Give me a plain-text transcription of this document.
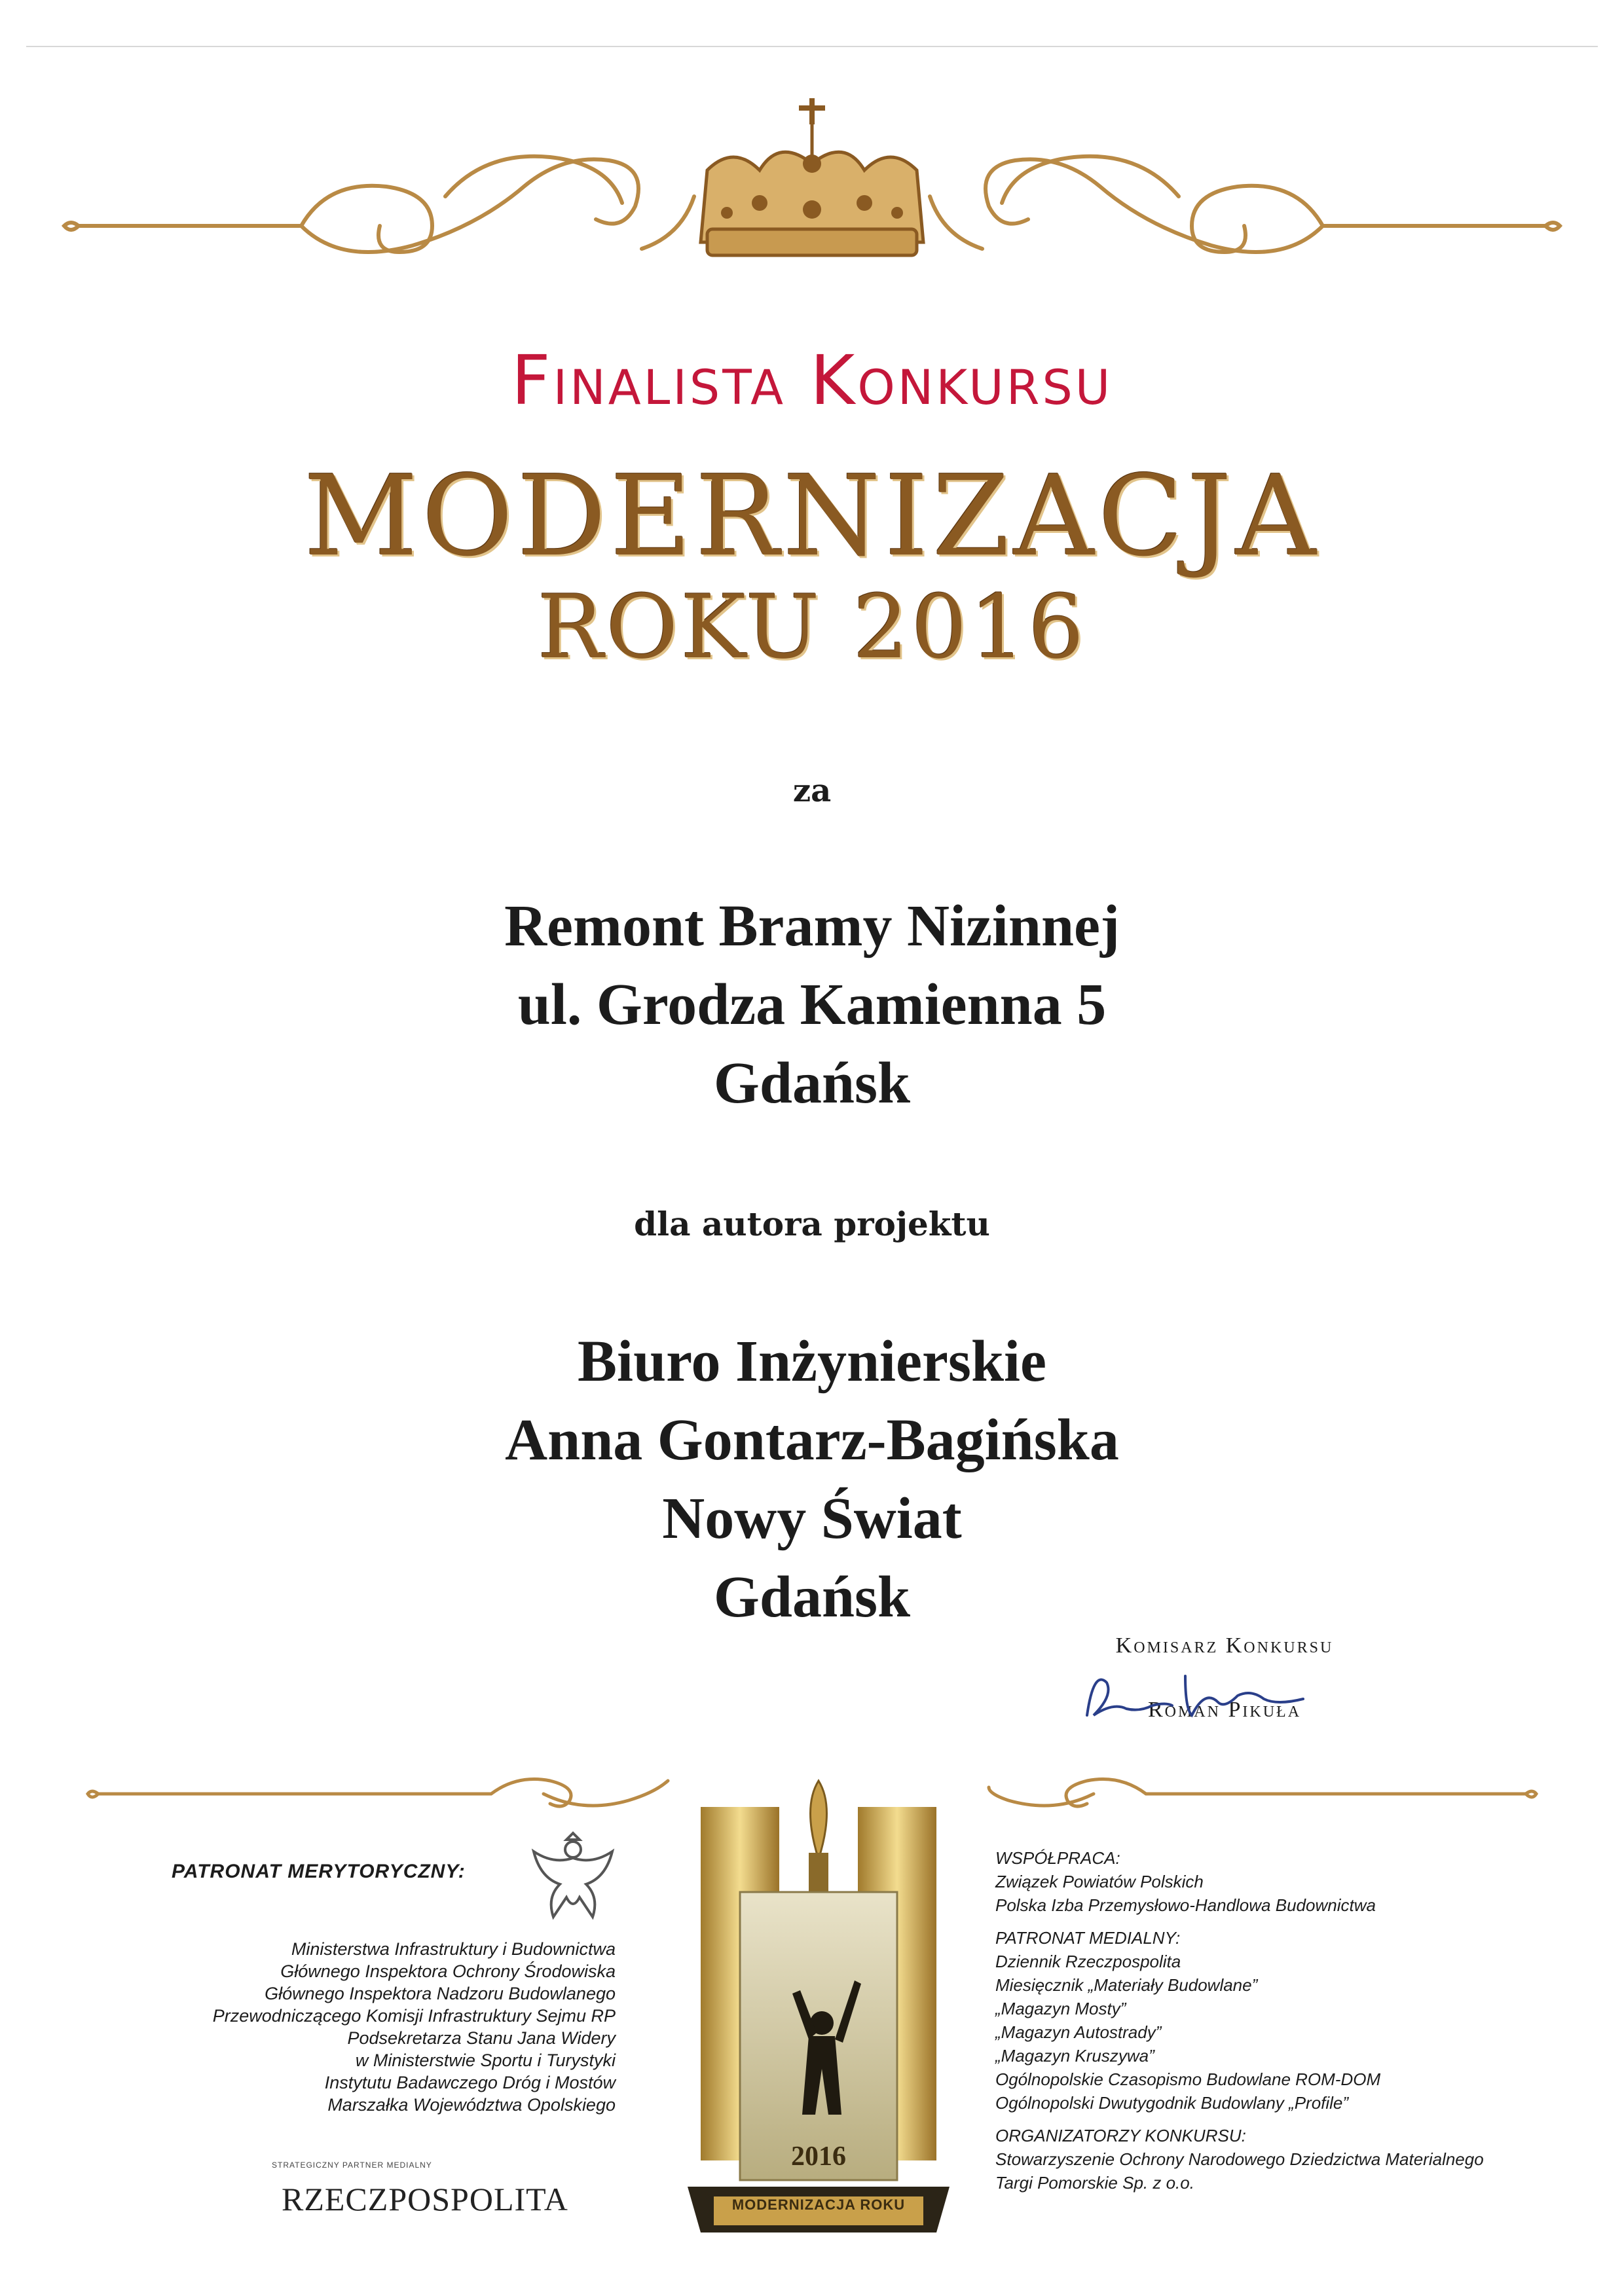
Finalista Konkursu
MODERNIZACJA
ROKU 2016
za
Remont Bramy Nizinnej
ul. Grodza Kamienna 5
Gdańsk
dla autora projektu
Biuro Inżynierskie
Anna Gontarz-Bagińska
Nowy Świat
Gdańsk
Komisarz Konkursu
Roman Pikuła
PATRONAT MERYTORYCZNY:
Ministerstwa Infrastruktury i Budownictwa
Głównego Inspektora Ochrony Środowiska
Głównego Inspektora Nadzoru Budowlanego
Przewodniczącego Komisji Infrastruktury Sejmu RP
Podsekretarza Stanu Jana Widery
w Ministerstwie Sportu i Turystyki
Instytutu Badawczego Dróg i Mostów
Marszałka Województwa Opolskiego
STRATEGICZNY PARTNER MEDIALNY
RZECZPOSPOLITA
2016
MODERNIZACJA ROKU
WSPÓŁPRACA:
Związek Powiatów Polskich
Polska Izba Przemysłowo-Handlowa Budownictwa
PATRONAT MEDIALNY:
Dziennik Rzeczpospolita
Miesięcznik „Materiały Budowlane”
„Magazyn Mosty”
„Magazyn Autostrady”
„Magazyn Kruszywa”
Ogólnopolskie Czasopismo Budowlane ROM-DOM
Ogólnopolski Dwutygodnik Budowlany „Profile”
ORGANIZATORZY KONKURSU:
Stowarzyszenie Ochrony Narodowego Dziedzictwa Materialnego
Targi Pomorskie Sp. z o.o.
